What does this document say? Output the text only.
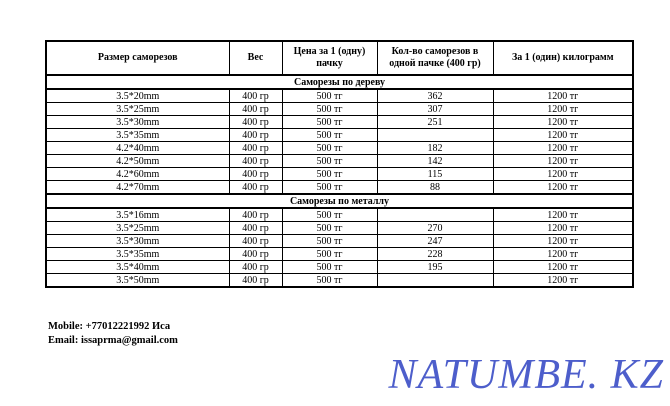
Размер саморезов	Вес	Цена за 1 (одну) пачку	Кол-во саморезов в одной пачке (400 гр)	За 1 (один) килограмм
Саморезы по дереву				
3.5*20mm	400 гр	500 тг	362	1200 тг
3.5*25mm	400 гр	500 тг	307	1200 тг
3.5*30mm	400 гр	500 тг	251	1200 тг
3.5*35mm	400 гр	500 тг		1200 тг
4.2*40mm	400 гр	500 тг	182	1200 тг
4.2*50mm	400 гр	500 тг	142	1200 тг
4.2*60mm	400 гр	500 тг	115	1200 тг
4.2*70mm	400 гр	500 тг	88	1200 тг
Саморезы по металлу				
3.5*16mm	400 гр	500 тг		1200 тг
3.5*25mm	400 гр	500 тг	270	1200 тг
3.5*30mm	400 гр	500 тг	247	1200 тг
3.5*35mm	400 гр	500 тг	228	1200 тг
3.5*40mm	400 гр	500 тг	195	1200 тг
3.5*50mm	400 гр	500 тг		1200 тг
Mobile: +77012221992 Иса
Email: issaprma@gmail.com
NATUMBE. KZ
